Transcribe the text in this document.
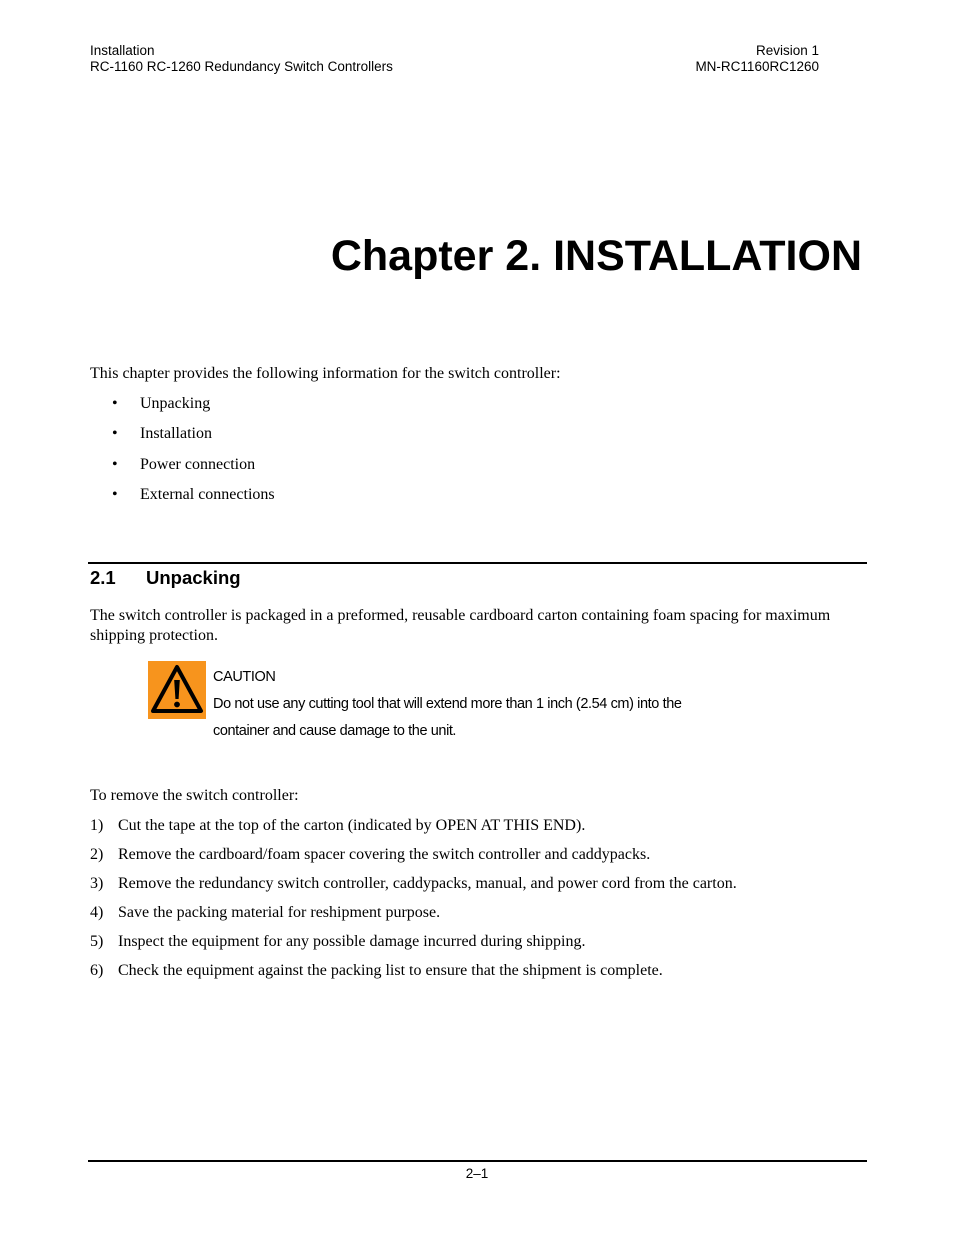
Installation
RC-1160 RC-1260 Redundancy Switch Controllers
Revision 1
MN-RC1160RC1260
Chapter 2. INSTALLATION

This chapter provides the following information for the switch controller:

• Unpacking
• Installation
• Power connection
• External connections
2.1 Unpacking

The switch controller is packaged in a preformed, reusable cardboard carton containing foam spacing for maximum shipping protection.

CAUTION
Do not use any cutting tool that will extend more than 1 inch (2.54 cm) into the
container and cause damage to the unit.

To remove the switch controller:

1) Cut the tape at the top of the carton (indicated by OPEN AT THIS END).
2) Remove the cardboard/foam spacer covering the switch controller and caddypacks.
3) Remove the redundancy switch controller, caddypacks, manual, and power cord from the carton.
4) Save the packing material for reshipment purpose.
5) Inspect the equipment for any possible damage incurred during shipping.
6) Check the equipment against the packing list to ensure that the shipment is complete.
2–1
